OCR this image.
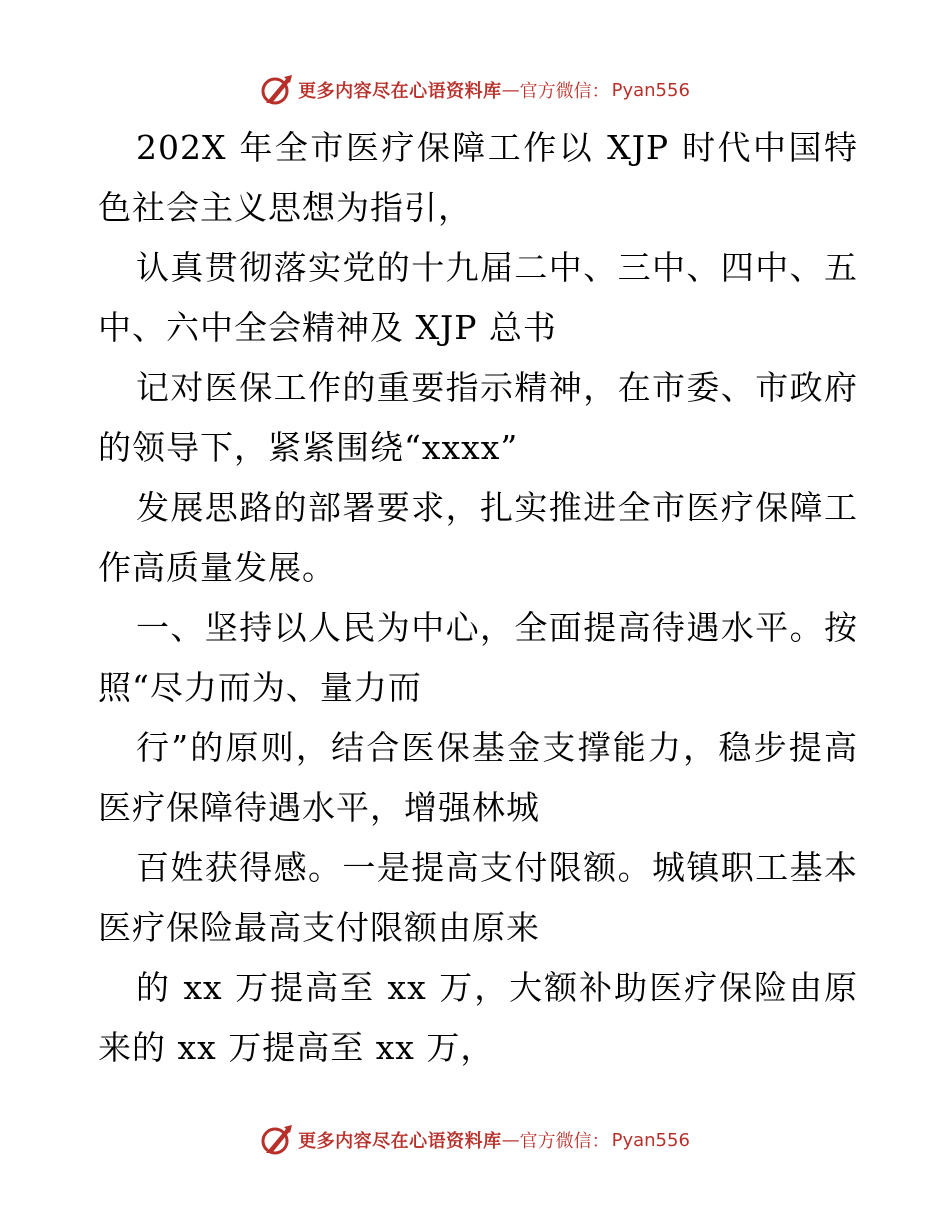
更多内容尽在心语资料库 — 官方微信： Pyan556

202X 年全市医疗保障工作以 XJP 时代中国特色社会主义思想为指引，

认真贯彻落实党的十九届二中、三中、四中、五中、六中全会精神及 XJP 总书

记对医保工作的重要指示精神，在市委、市政府的领导下，紧紧围绕“xxxx”

发展思路的部署要求，扎实推进全市医疗保障工作高质量发展。

一、坚持以人民为中心，全面提高待遇水平。按照“尽力而为、量力而

行”的原则，结合医保基金支撑能力，稳步提高医疗保障待遇水平，增强林城

百姓获得感。一是提高支付限额。城镇职工基本医疗保险最高支付限额由原来

的 xx 万提高至 xx 万，大额补助医疗保险由原来的 xx 万提高至 xx 万，

更多内容尽在心语资料库 — 官方微信： Pyan556
